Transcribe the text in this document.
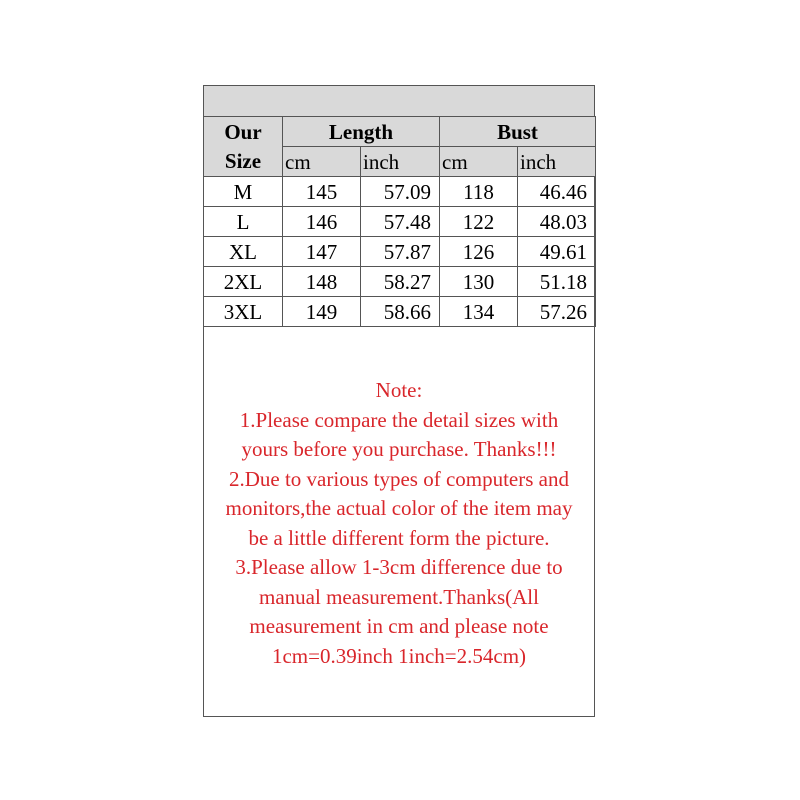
Our
Size	Length		Bust	
	cm	inch	cm	inch
M	145	57.09	118	46.46
L	146	57.48	122	48.03
XL	147	57.87	126	49.61
2XL	148	58.27	130	51.18
3XL	149	58.66	134	57.26
Note:
1.Please compare the detail sizes with
yours before you purchase. Thanks!!!
2.Due to various types of computers and
monitors,the actual color of the item may
be a little different form the picture.
3.Please allow 1-3cm difference due to
manual measurement.Thanks(All
measurement in cm and please note
1cm=0.39inch 1inch=2.54cm)
